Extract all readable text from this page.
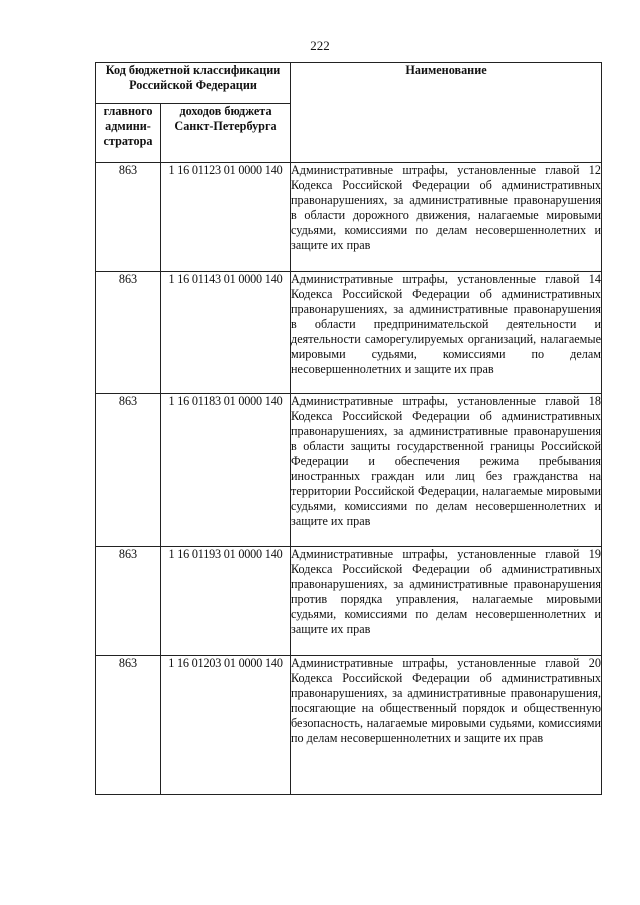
222
Код бюджетной классификации Российской Федерации		Наименование
главного админи-стратора	доходов бюджета Санкт-Петербурга	
863	1 16 01123 01 0000 140	Административные штрафы, установленные главой 12 Кодекса Российской Федерации об административных правонарушениях, за административные правонарушения в области дорожного движения, налагаемые мировыми судьями, комиссиями по делам несовершеннолетних и защите их прав
863	1 16 01143 01 0000 140	Административные штрафы, установленные главой 14 Кодекса Российской Федерации об административных правонарушениях, за административные правонарушения в области предпринимательской деятельности и деятельности саморегулируемых организаций, налагаемые мировыми судьями, комиссиями по делам несовершеннолетних и защите их прав
863	1 16 01183 01 0000 140	Административные штрафы, установленные главой 18 Кодекса Российской Федерации об административных правонарушениях, за административные правонарушения в области защиты государственной границы Российской Федерации и обеспечения режима пребывания иностранных граждан или лиц без гражданства на территории Российской Федерации, налагаемые мировыми судьями, комиссиями по делам несовершеннолетних и защите их прав
863	1 16 01193 01 0000 140	Административные штрафы, установленные главой 19 Кодекса Российской Федерации об административных правонарушениях, за административные правонарушения против порядка управления, налагаемые мировыми судьями, комиссиями по делам несовершеннолетних и защите их прав
863	1 16 01203 01 0000 140	Административные штрафы, установленные главой 20 Кодекса Российской Федерации об административных правонарушениях, за административные правонарушения, посягающие на общественный порядок и общественную безопасность, налагаемые мировыми судьями, комиссиями по делам несовершеннолетних и защите их прав
